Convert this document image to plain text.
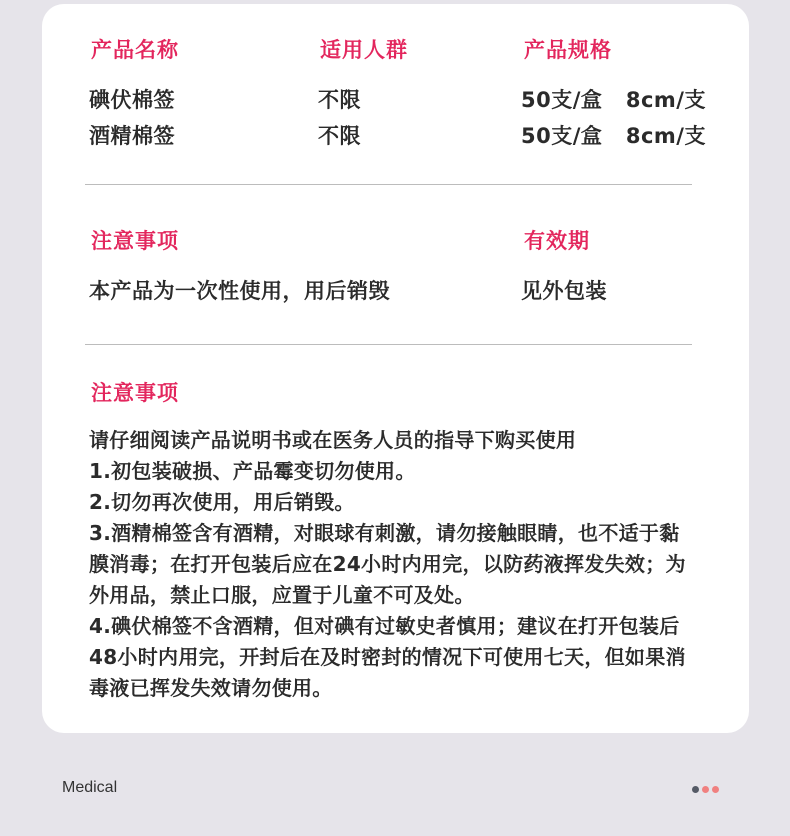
产品名称	适用人群	产品规格
碘伏棉签	不限	50支/盒   8cm/支
酒精棉签	不限	50支/盒   8cm/支
注意事项	有效期
本产品为一次性使用，用后销毁	见外包装
注意事项
请仔细阅读产品说明书或在医务人员的指导下购买使用
1.初包装破损、产品霉变切勿使用。
2.切勿再次使用，用后销毁。
3.酒精棉签含有酒精，对眼球有刺激，请勿接触眼睛，也不适于黏
膜消毒；在打开包装后应在24小时内用完，以防药液挥发失效；为
外用品，禁止口服，应置于儿童不可及处。
4.碘伏棉签不含酒精，但对碘有过敏史者慎用；建议在打开包装后
48小时内用完，开封后在及时密封的情况下可使用七天，但如果消
毒液已挥发失效请勿使用。
Medical
